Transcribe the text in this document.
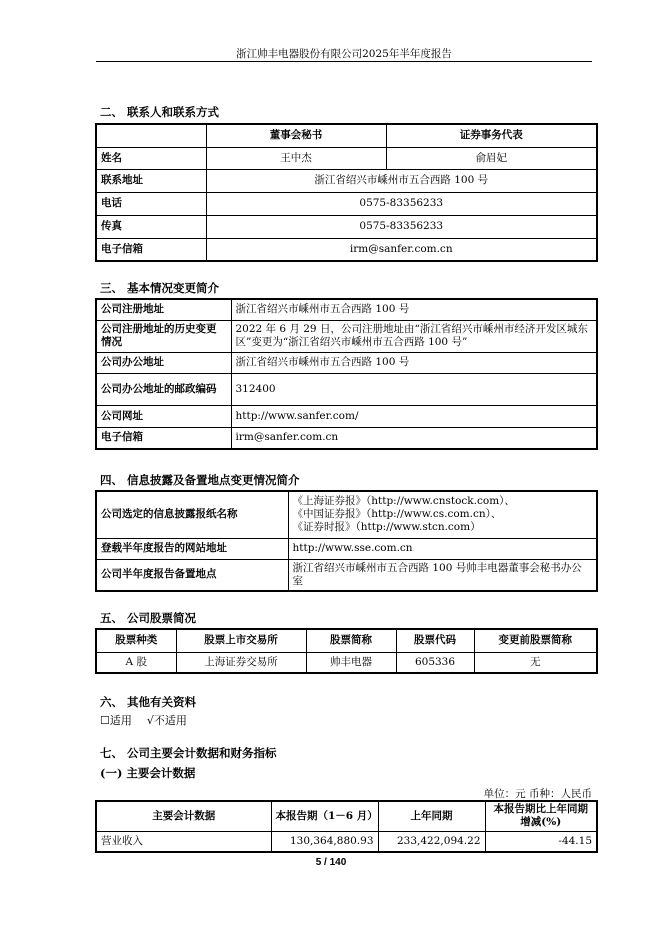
浙江帅丰电器股份有限公司2025年半年度报告
二、 联系人和联系方式
	董事会秘书	证券事务代表
姓名	王中杰	俞眉妃
联系地址	浙江省绍兴市嵊州市五合西路 100 号	
电话	0575-83356233	
传真	0575-83356233	
电子信箱	irm@sanfer.com.cn	
三、 基本情况变更简介
公司注册地址	浙江省绍兴市嵊州市五合西路 100 号
公司注册地址的历史变更情况	2022 年 6 月 29 日，公司注册地址由“浙江省绍兴市嵊州市经济开发区城东区”变更为“浙江省绍兴市嵊州市五合西路 100 号”
公司办公地址	浙江省绍兴市嵊州市五合西路 100 号
公司办公地址的邮政编码	312400
公司网址	http://www.sanfer.com/
电子信箱	irm@sanfer.com.cn
四、 信息披露及备置地点变更情况简介
公司选定的信息披露报纸名称	《上海证券报》（http://www.cnstock.com）、
《中国证券报》（http://www.cs.com.cn）、
《证券时报》（http://www.stcn.com）

登载半年度报告的网站地址	http://www.sse.com.cn
公司半年度报告备置地点	浙江省绍兴市嵊州市五合西路 100 号帅丰电器董事会秘书办公室
五、 公司股票简况
股票种类	股票上市交易所	股票简称	股票代码	变更前股票简称
A 股	上海证券交易所	帅丰电器	605336	无
六、 其他有关资料
☐适用 √不适用
七、 公司主要会计数据和财务指标
(一) 主要会计数据
单位：元 币种：人民币
主要会计数据	本报告期（1－6 月）	上年同期	本报告期比上年同期增减(%)
营业收入	130,364,880.93	233,422,094.22	-44.15
5 / 140
